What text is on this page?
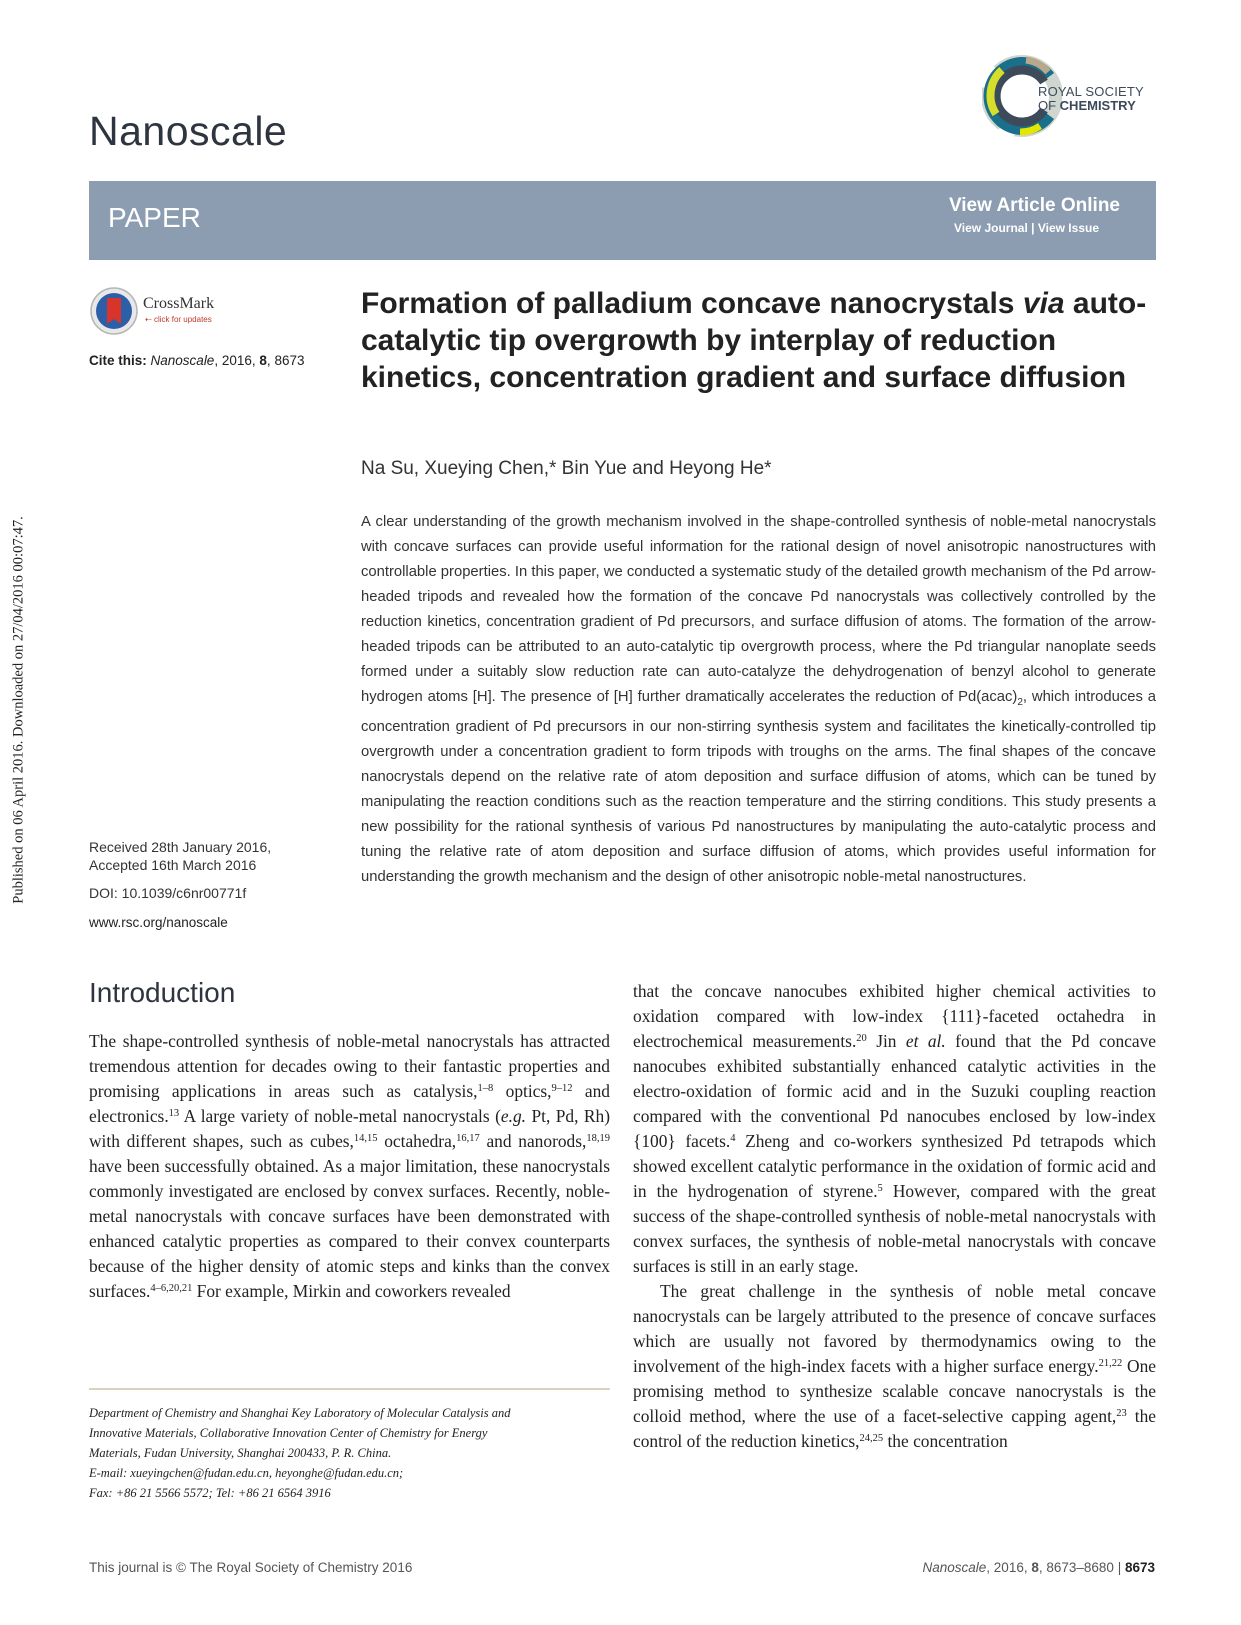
Published on 06 April 2016. Downloaded on 27/04/2016 00:07:47.
Nanoscale
ROYAL SOCIETY
OF CHEMISTRY
PAPER	View Article Online
View Journal | View Issue
CrossMark
⇠ click for updates
Cite this: Nanoscale, 2016, 8, 8673
Formation of palladium concave nanocrystals via auto-catalytic tip overgrowth by interplay of reduction kinetics, concentration gradient and surface diffusion
Na Su, Xueying Chen,* Bin Yue and Heyong He*

A clear understanding of the growth mechanism involved in the shape-controlled synthesis of noble-metal nanocrystals with concave surfaces can provide useful information for the rational design of novel anisotropic nanostructures with controllable properties. In this paper, we conducted a systematic study of the detailed growth mechanism of the Pd arrow-headed tripods and revealed how the formation of the concave Pd nanocrystals was collectively controlled by the reduction kinetics, concentration gradient of Pd precursors, and surface diffusion of atoms. The formation of the arrow-headed tripods can be attributed to an auto-catalytic tip overgrowth process, where the Pd triangular nanoplate seeds formed under a suitably slow reduction rate can auto-catalyze the dehydrogenation of benzyl alcohol to generate hydrogen atoms [H]. The presence of [H] further dramatically accelerates the reduction of $Pd(acac)_2$, which introduces a concentration gradient of Pd precursors in our non-stirring synthesis system and facilitates the kinetically-controlled tip overgrowth under a concentration gradient to form tripods with troughs on the arms. The final shapes of the concave nanocrystals depend on the relative rate of atom deposition and surface diffusion of atoms, which can be tuned by manipulating the reaction conditions such as the reaction temperature and the stirring conditions. This study presents a new possibility for the rational synthesis of various Pd nanostructures by manipulating the auto-catalytic process and tuning the relative rate of atom deposition and surface diffusion of atoms, which provides useful information for understanding the growth mechanism and the design of other anisotropic noble-metal nanostructures.

Received 28th January 2016,
Accepted 16th March 2016
DOI: 10.1039/c6nr00771f
www.rsc.org/nanoscale
Introduction

The shape-controlled synthesis of noble-metal nanocrystals has attracted tremendous attention for decades owing to their fantastic properties and promising applications in areas such as catalysis,$^{1-8}$ optics,$^{9-12}$ and electronics.$^{13}$ A large variety of noble-metal nanocrystals (e.g. Pt, Pd, Rh) with different shapes, such as cubes,$^{14,15}$ octahedra,$^{16,17}$ and nanorods,$^{18,19}$ have been successfully obtained. As a major limitation, these nanocrystals commonly investigated are enclosed by convex surfaces. Recently, noble-metal nanocrystals with concave surfaces have been demonstrated with enhanced catalytic properties as compared to their convex counterparts because of the higher density of atomic steps and kinks than the convex surfaces.$^{4-6,20,21}$ For example, Mirkin and coworkers revealed

that the concave nanocubes exhibited higher chemical activities to oxidation compared with low-index {111}-faceted octahedra in electrochemical measurements.$^{20}$ Jin et al. found that the Pd concave nanocubes exhibited substantially enhanced catalytic activities in the electro-oxidation of formic acid and in the Suzuki coupling reaction compared with the conventional Pd nanocubes enclosed by low-index {100} facets.$^4$ Zheng and co-workers synthesized Pd tetrapods which showed excellent catalytic performance in the oxidation of formic acid and in the hydrogenation of styrene.$^5$ However, compared with the great success of the shape-controlled synthesis of noble-metal nanocrystals with convex surfaces, the synthesis of noble-metal nanocrystals with concave surfaces is still in an early stage.

The great challenge in the synthesis of noble metal concave nanocrystals can be largely attributed to the presence of concave surfaces which are usually not favored by thermodynamics owing to the involvement of the high-index facets with a higher surface energy.$^{21,22}$ One promising method to synthesize scalable concave nanocrystals is the colloid method, where the use of a facet-selective capping agent,$^{23}$ the control of the reduction kinetics,$^{24,25}$ the concentration

Department of Chemistry and Shanghai Key Laboratory of Molecular Catalysis and
Innovative Materials, Collaborative Innovation Center of Chemistry for Energy
Materials, Fudan University, Shanghai 200433, P. R. China.
E-mail: xueyingchen@fudan.edu.cn, heyonghe@fudan.edu.cn;
Fax: +86 21 5566 5572; Tel: +86 21 6564 3916
This journal is © The Royal Society of Chemistry 2016	Nanoscale, 2016, 8, 8673–8680 | 8673
